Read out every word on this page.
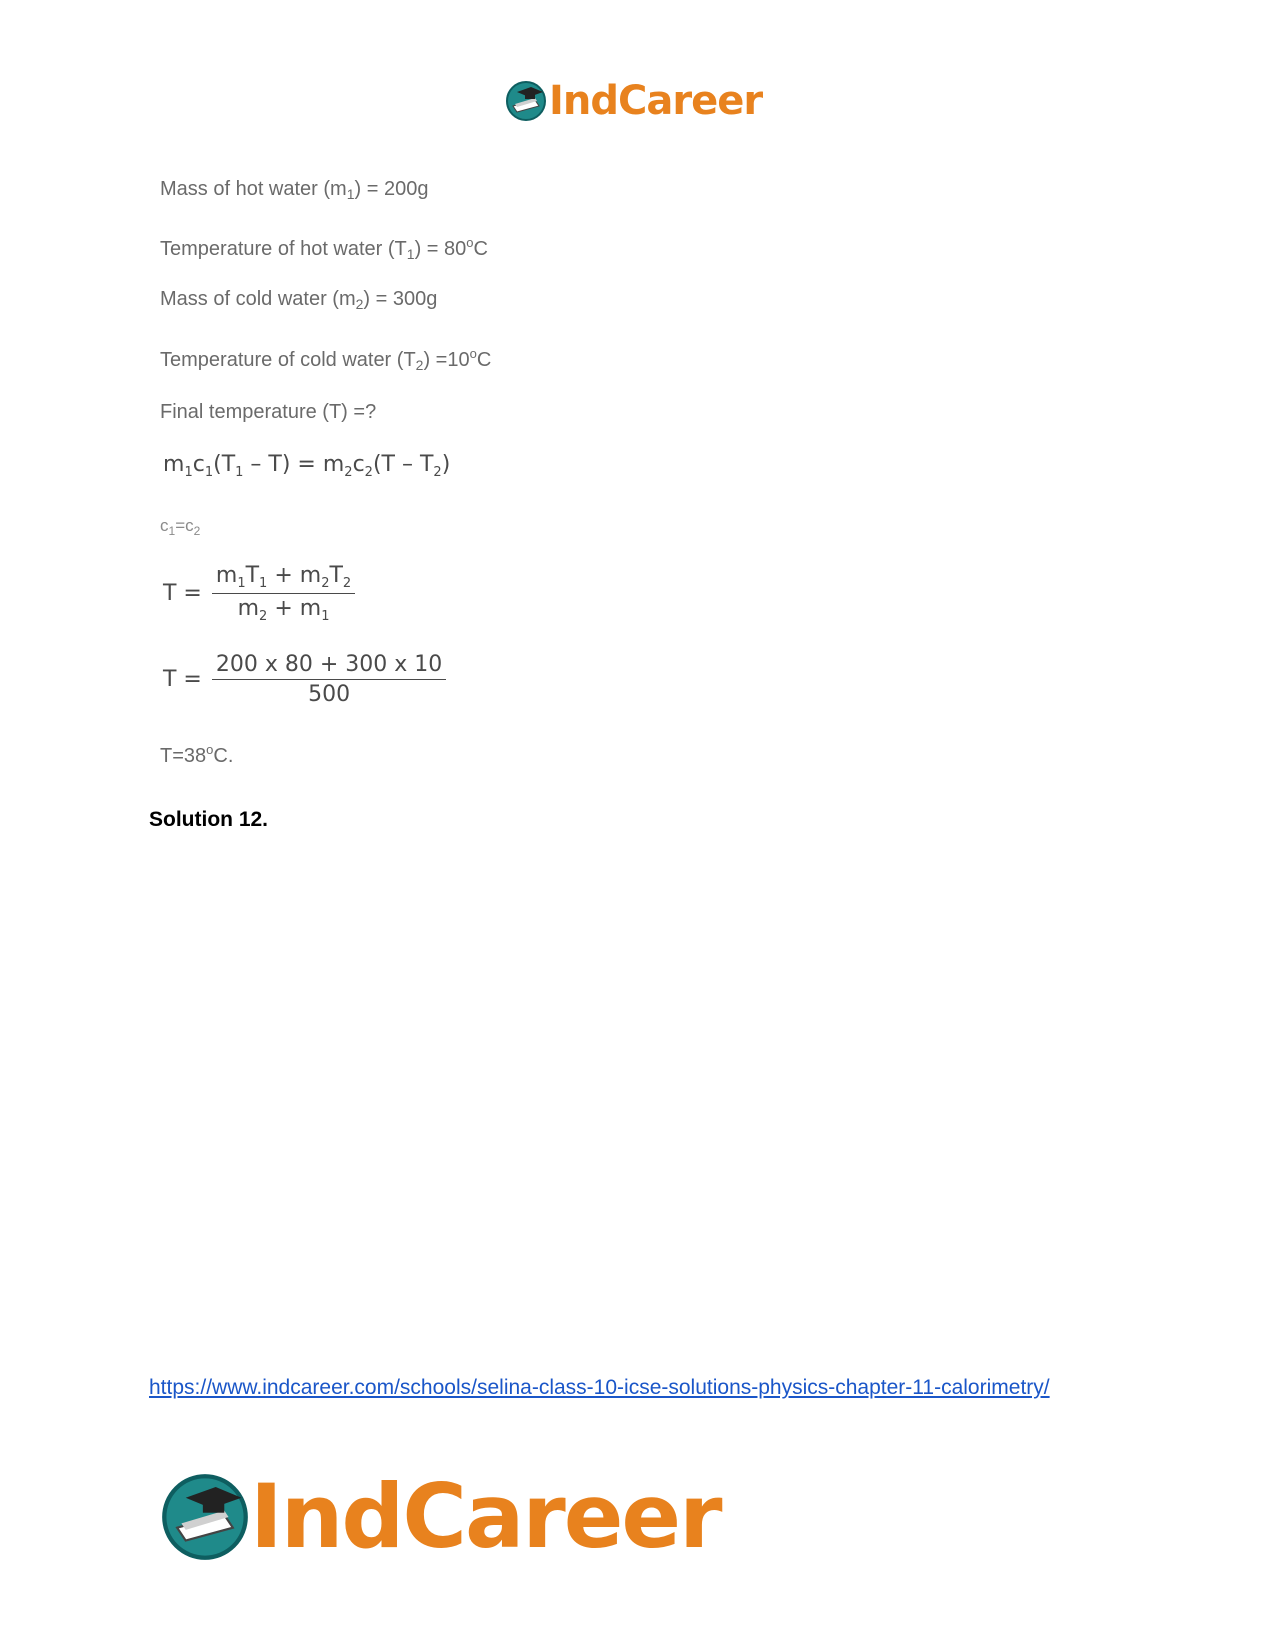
IndCareer
Mass of hot water $(m_1) = 200g$
Temperature of hot water $(T_1) = 80^oC$
Mass of cold water $(m_2) = 300g$
Temperature of cold water $(T_2) =10^oC$
Final temperature (T) =?
$m_1c_1(T_1 - T) = m_2c_2(T - T_2)$
$c_1=c_2$
$T = \frac{m_1T_1 + m_2T_2}{m_2 + m_1}$
$T = \frac{200 x 80 + 300 x 10}{500}$
$T=38^oC$.
Solution 12.
https://www.indcareer.com/schools/selina-class-10-icse-solutions-physics-chapter-11-calorimetry/
IndCareer
